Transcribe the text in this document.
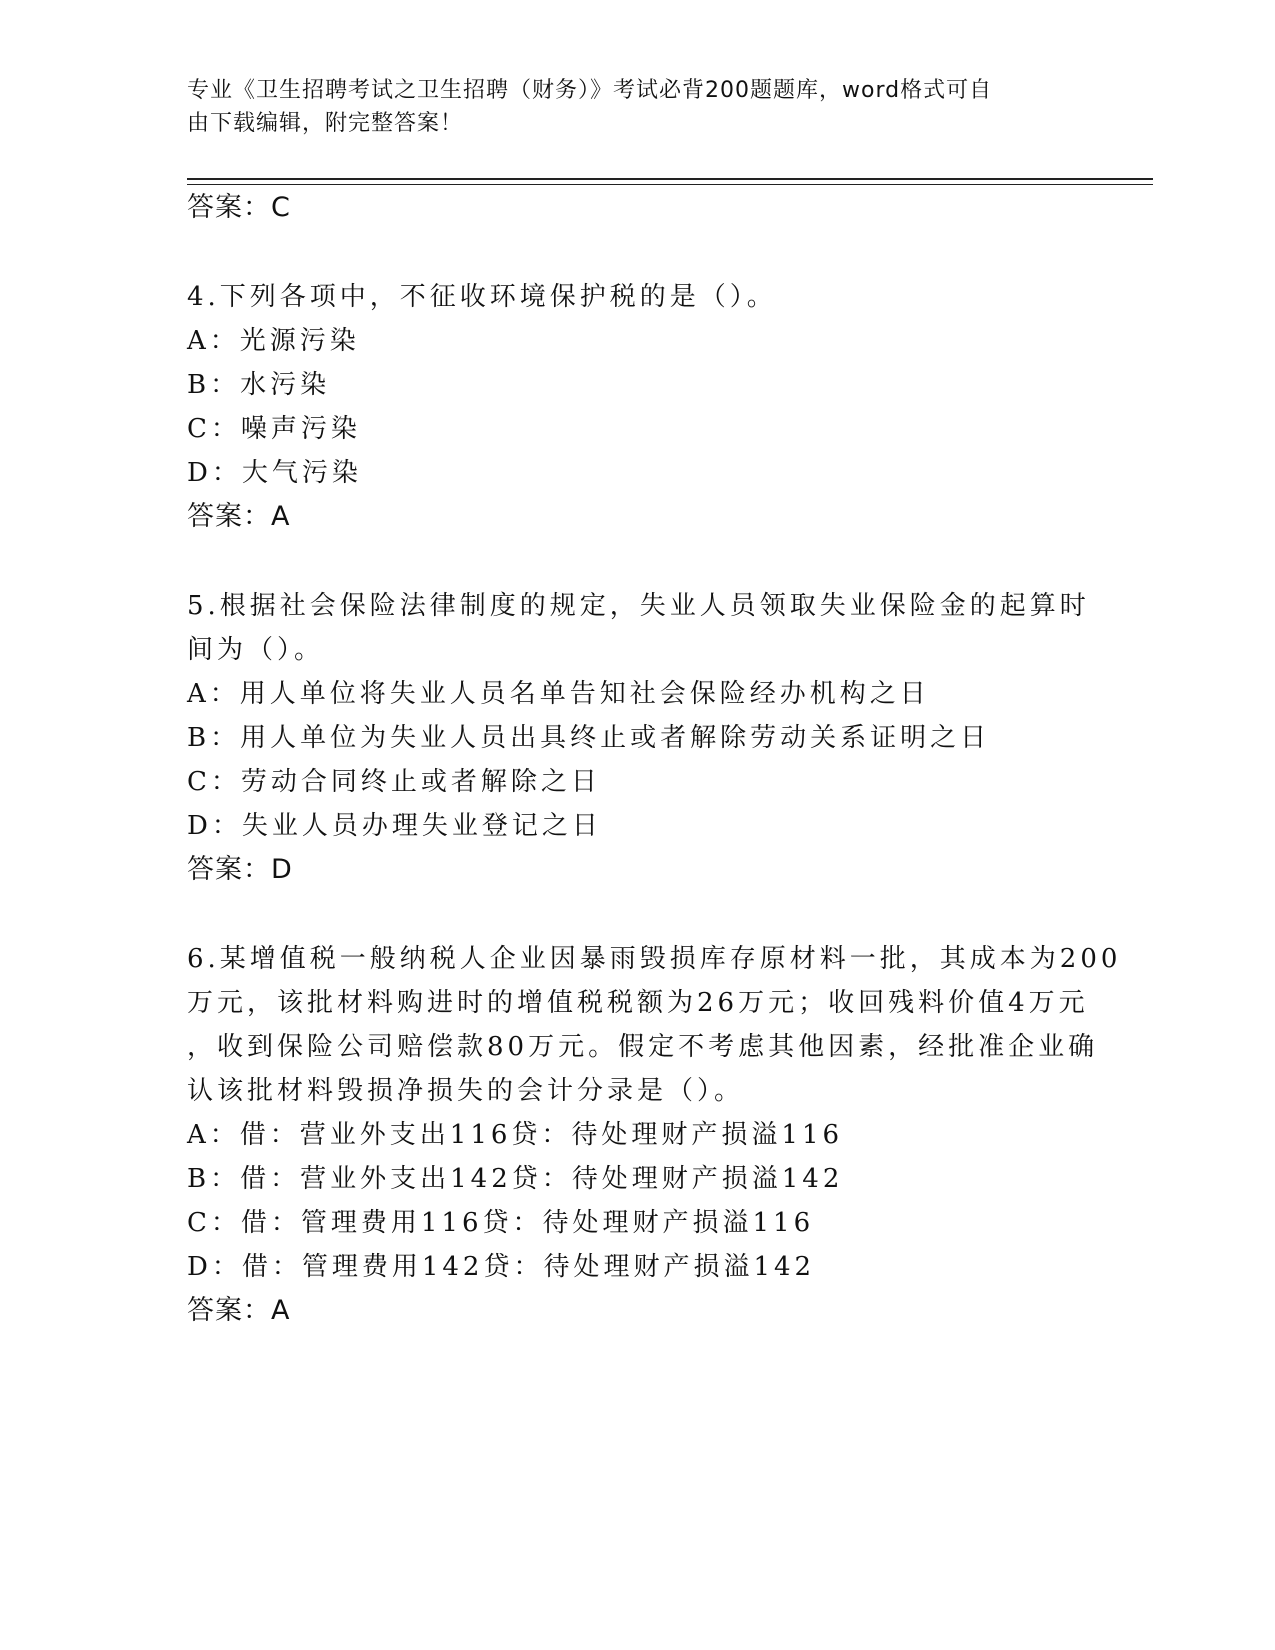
专业《卫生招聘考试之卫生招聘（财务）》考试必背200题题库，word格式可自
由下载编辑，附完整答案！
答案：C
4.下列各项中，不征收环境保护税的是（）。
A：光源污染
B：水污染
C：噪声污染
D：大气污染
答案：A
5.根据社会保险法律制度的规定，失业人员领取失业保险金的起算时
间为（）。
A：用人单位将失业人员名单告知社会保险经办机构之日
B：用人单位为失业人员出具终止或者解除劳动关系证明之日
C：劳动合同终止或者解除之日
D：失业人员办理失业登记之日
答案：D
6.某增值税一般纳税人企业因暴雨毁损库存原材料一批，其成本为200
万元，该批材料购进时的增值税税额为26万元；收回残料价值4万元
，收到保险公司赔偿款80万元。假定不考虑其他因素，经批准企业确
认该批材料毁损净损失的会计分录是（）。
A：借：营业外支出116贷：待处理财产损溢116
B：借：营业外支出142贷：待处理财产损溢142
C：借：管理费用116贷：待处理财产损溢116
D：借：管理费用142贷：待处理财产损溢142
答案：A
